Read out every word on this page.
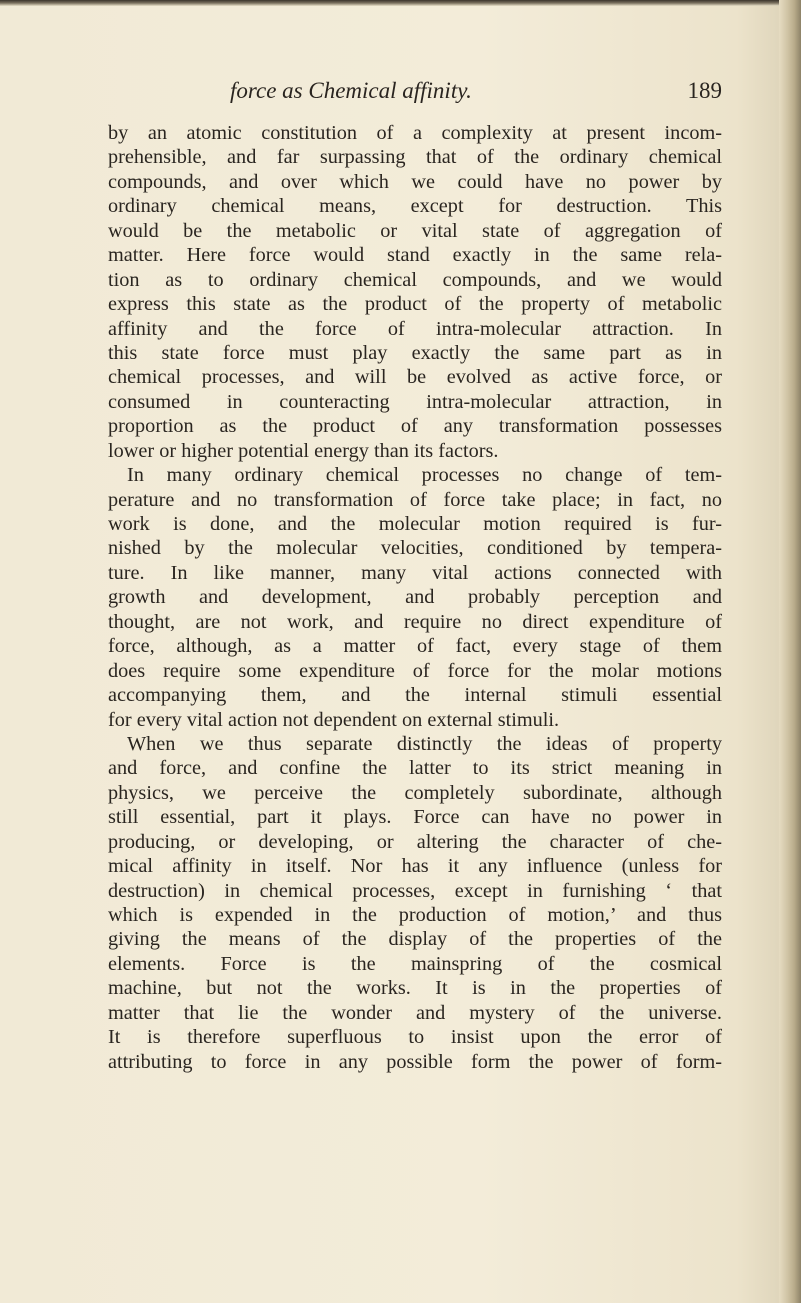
force as Chemical affinity.	189
by an atomic constitution of a complexity at present incom-
prehensible, and far surpassing that of the ordinary chemical
compounds, and over which we could have no power by
ordinary chemical means, except for destruction. This
would be the metabolic or vital state of aggregation of
matter. Here force would stand exactly in the same rela-
tion as to ordinary chemical compounds, and we would
express this state as the product of the property of metabolic
affinity and the force of intra-molecular attraction. In
this state force must play exactly the same part as in
chemical processes, and will be evolved as active force, or
consumed in counteracting intra-molecular attraction, in
proportion as the product of any transformation possesses
lower or higher potential energy than its factors.
In many ordinary chemical processes no change of tem-
perature and no transformation of force take place; in fact, no
work is done, and the molecular motion required is fur-
nished by the molecular velocities, conditioned by tempera-
ture. In like manner, many vital actions connected with
growth and development, and probably perception and
thought, are not work, and require no direct expenditure of
force, although, as a matter of fact, every stage of them
does require some expenditure of force for the molar motions
accompanying them, and the internal stimuli essential
for every vital action not dependent on external stimuli.
When we thus separate distinctly the ideas of property
and force, and confine the latter to its strict meaning in
physics, we perceive the completely subordinate, although
still essential, part it plays. Force can have no power in
producing, or developing, or altering the character of che-
mical affinity in itself. Nor has it any influence (unless for
destruction) in chemical processes, except in furnishing ‘ that
which is expended in the production of motion,’ and thus
giving the means of the display of the properties of the
elements. Force is the mainspring of the cosmical
machine, but not the works. It is in the properties of
matter that lie the wonder and mystery of the universe.
It is therefore superfluous to insist upon the error of
attributing to force in any possible form the power of form-
